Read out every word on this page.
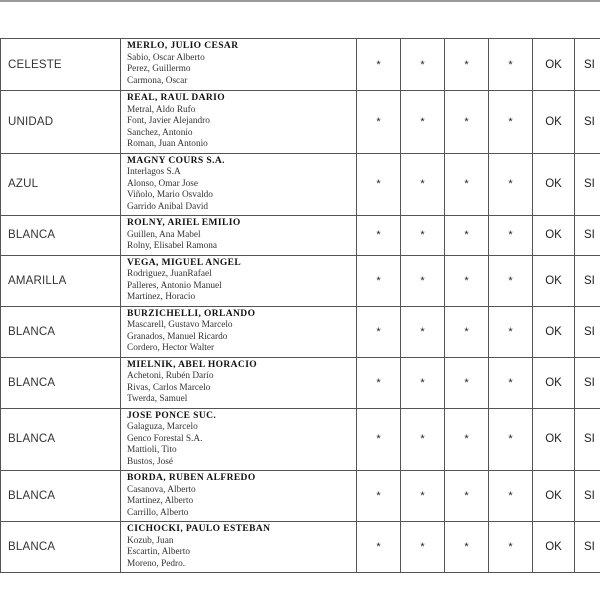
CELESTE	MERLO, JULIO CESAR
Sabio, Oscar Alberto
Perez, Guillermo
Carmona, Oscar	*	*	*	*	OK	SI
UNIDAD	REAL, RAUL DARIO
Metral, Aldo Rufo
Font, Javier Alejandro
Sanchez, Antonio
Roman, Juan Antonio	*	*	*	*	OK	SI
AZUL	MAGNY COURS S.A.
Interlagos S.A
Alonso, Omar Jose
Viñolo, Mario Osvaldo
Garrido Anibal David	*	*	*	*	OK	SI
BLANCA	ROLNY, ARIEL EMILIO
Guillen, Ana Mabel
Rolny, Elisabel Ramona	*	*	*	*	OK	SI
AMARILLA	VEGA, MIGUEL ANGEL
Rodriguez, JuanRafael
Palleres, Antonio Manuel
Martinez, Horacio	*	*	*	*	OK	SI
BLANCA	BURZICHELLI, ORLANDO
Mascarell, Gustavo Marcelo
Granados, Manuel Ricardo
Cordero, Hector Walter	*	*	*	*	OK	SI
BLANCA	MIELNIK, ABEL HORACIO
Achetoni, Rubén Darío
Rivas, Carlos Marcelo
Twerda, Samuel	*	*	*	*	OK	SI
BLANCA	JOSE PONCE SUC.
Galaguza, Marcelo
Genco Forestal S.A.
Mattioli, Tito
Bustos, José	*	*	*	*	OK	SI
BLANCA	BORDA, RUBEN ALFREDO
Casanova, Alberto
Martinez, Alberto
Carrillo, Alberto	*	*	*	*	OK	SI
BLANCA	CICHOCKI, PAULO ESTEBAN
Kozub, Juan
Escartin, Alberto
Moreno, Pedro.	*	*	*	*	OK	SI
